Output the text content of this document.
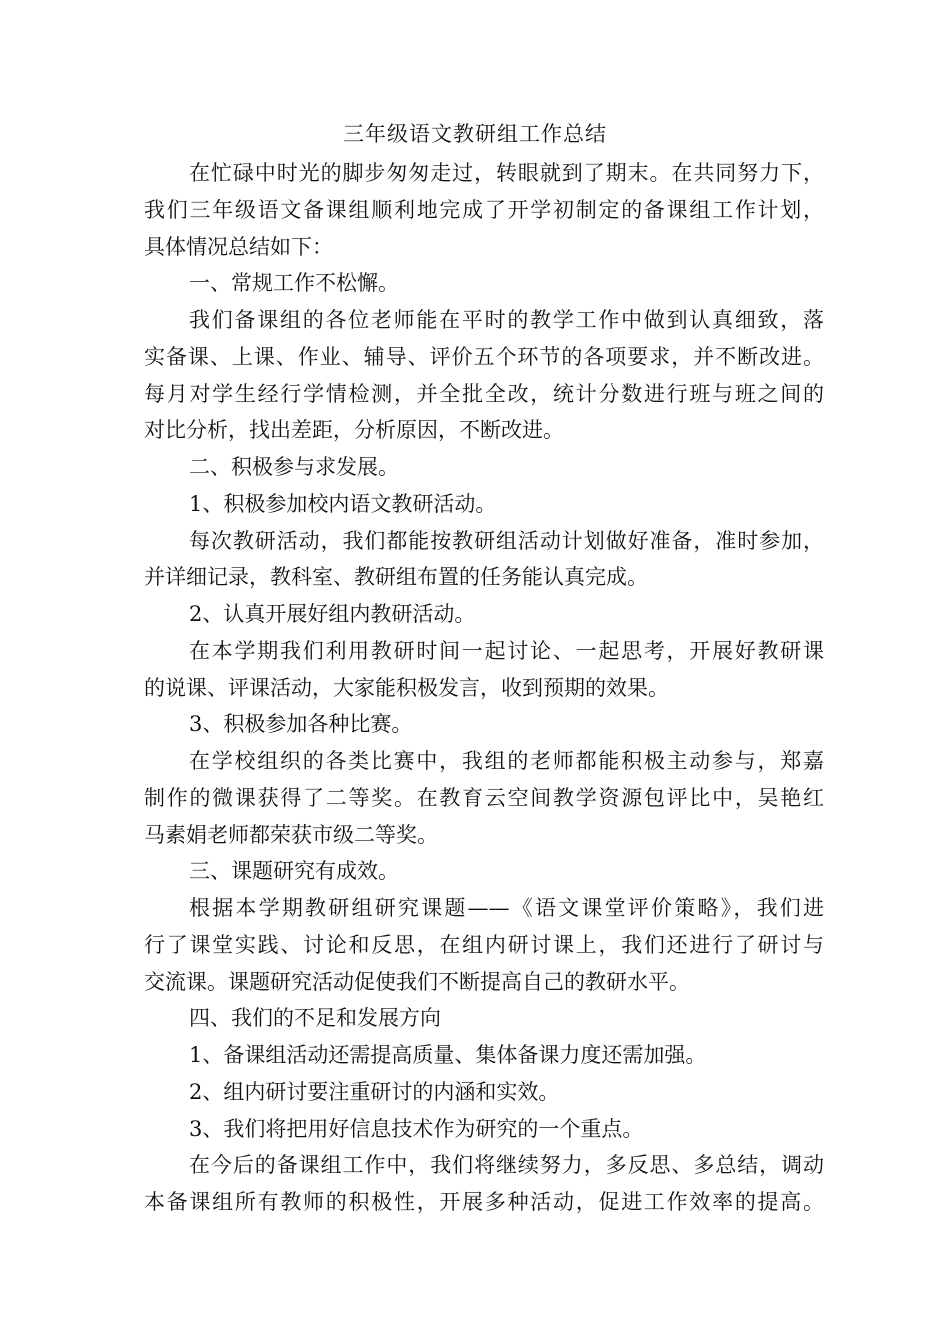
三年级语文教研组工作总结
在忙碌中时光的脚步匆匆走过，转眼就到了期末。在共同努力下，
我们三年级语文备课组顺利地完成了开学初制定的备课组工作计划，
具体情况总结如下：
一、常规工作不松懈。
我们备课组的各位老师能在平时的教学工作中做到认真细致，落
实备课、上课、作业、辅导、评价五个环节的各项要求，并不断改进。
每月对学生经行学情检测，并全批全改，统计分数进行班与班之间的
对比分析，找出差距，分析原因，不断改进。
二、积极参与求发展。
1、积极参加校内语文教研活动。
每次教研活动，我们都能按教研组活动计划做好准备，准时参加，
并详细记录，教科室、教研组布置的任务能认真完成。
2、认真开展好组内教研活动。
在本学期我们利用教研时间一起讨论、一起思考，开展好教研课
的说课、评课活动，大家能积极发言，收到预期的效果。
3、积极参加各种比赛。
在学校组织的各类比赛中，我组的老师都能积极主动参与，郑嘉
制作的微课获得了二等奖。在教育云空间教学资源包评比中，吴艳红
马素娟老师都荣获市级二等奖。
三、课题研究有成效。
根据本学期教研组研究课题——《语文课堂评价策略》，我们进
行了课堂实践、讨论和反思，在组内研讨课上，我们还进行了研讨与
交流课。课题研究活动促使我们不断提高自己的教研水平。
四、我们的不足和发展方向
1、备课组活动还需提高质量、集体备课力度还需加强。
2、组内研讨要注重研讨的内涵和实效。
3、我们将把用好信息技术作为研究的一个重点。
在今后的备课组工作中，我们将继续努力，多反思、多总结，调动
本备课组所有教师的积极性，开展多种活动，促进工作效率的提高。
